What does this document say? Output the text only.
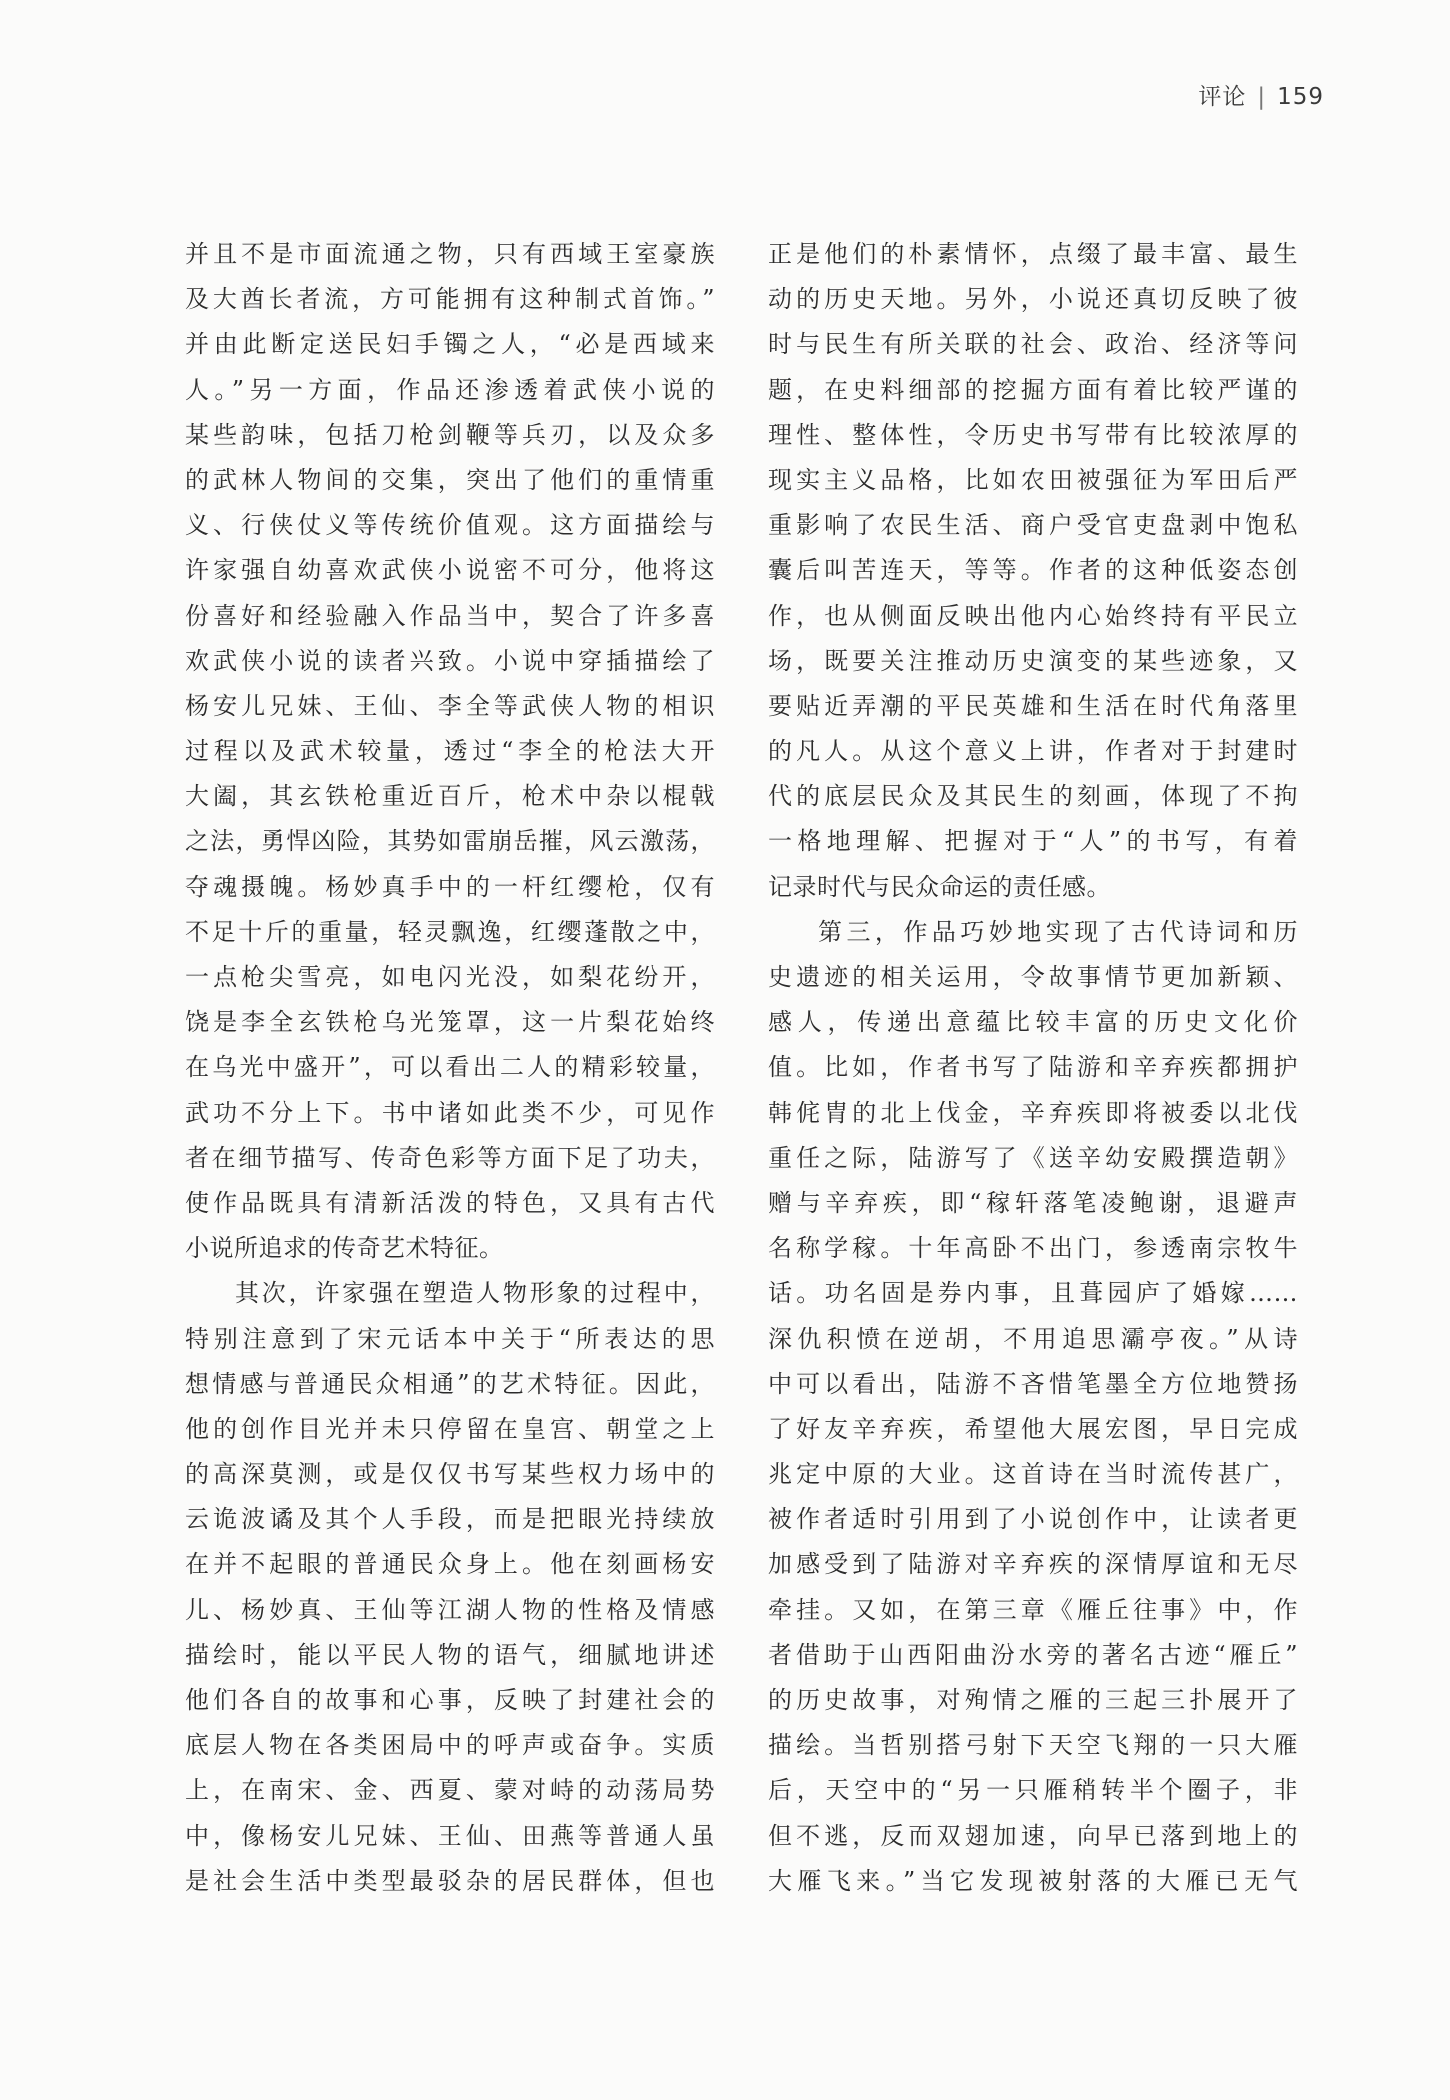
评论 | 159
并且不是市面流通之物，只有西域王室豪族
及大酋长者流，方可能拥有这种制式首饰。”
并由此断定送民妇手镯之人，“必是西域来
人。”另一方面，作品还渗透着武侠小说的
某些韵味，包括刀枪剑鞭等兵刃，以及众多
的武林人物间的交集，突出了他们的重情重
义、行侠仗义等传统价值观。这方面描绘与
许家强自幼喜欢武侠小说密不可分，他将这
份喜好和经验融入作品当中，契合了许多喜
欢武侠小说的读者兴致。小说中穿插描绘了
杨安儿兄妹、王仙、李全等武侠人物的相识
过程以及武术较量，透过“李全的枪法大开
大阖，其玄铁枪重近百斤，枪术中杂以棍戟
之法，勇悍凶险，其势如雷崩岳摧，风云激荡，
夺魂摄魄。杨妙真手中的一杆红缨枪，仅有
不足十斤的重量，轻灵飘逸，红缨蓬散之中，
一点枪尖雪亮，如电闪光没，如梨花纷开，
饶是李全玄铁枪乌光笼罩，这一片梨花始终
在乌光中盛开”，可以看出二人的精彩较量，
武功不分上下。书中诸如此类不少，可见作
者在细节描写、传奇色彩等方面下足了功夫，
使作品既具有清新活泼的特色，又具有古代
小说所追求的传奇艺术特征。
其次，许家强在塑造人物形象的过程中，
特别注意到了宋元话本中关于“所表达的思
想情感与普通民众相通”的艺术特征。因此，
他的创作目光并未只停留在皇宫、朝堂之上
的高深莫测，或是仅仅书写某些权力场中的
云诡波谲及其个人手段，而是把眼光持续放
在并不起眼的普通民众身上。他在刻画杨安
儿、杨妙真、王仙等江湖人物的性格及情感
描绘时，能以平民人物的语气，细腻地讲述
他们各自的故事和心事，反映了封建社会的
底层人物在各类困局中的呼声或奋争。实质
上，在南宋、金、西夏、蒙对峙的动荡局势
中，像杨安儿兄妹、王仙、田燕等普通人虽
是社会生活中类型最驳杂的居民群体，但也
正是他们的朴素情怀，点缀了最丰富、最生
动的历史天地。另外，小说还真切反映了彼
时与民生有所关联的社会、政治、经济等问
题，在史料细部的挖掘方面有着比较严谨的
理性、整体性，令历史书写带有比较浓厚的
现实主义品格，比如农田被强征为军田后严
重影响了农民生活、商户受官吏盘剥中饱私
囊后叫苦连天，等等。作者的这种低姿态创
作，也从侧面反映出他内心始终持有平民立
场，既要关注推动历史演变的某些迹象，又
要贴近弄潮的平民英雄和生活在时代角落里
的凡人。从这个意义上讲，作者对于封建时
代的底层民众及其民生的刻画，体现了不拘
一格地理解、把握对于“人”的书写，有着
记录时代与民众命运的责任感。
第三，作品巧妙地实现了古代诗词和历
史遗迹的相关运用，令故事情节更加新颖、
感人，传递出意蕴比较丰富的历史文化价
值。比如，作者书写了陆游和辛弃疾都拥护
韩侂胄的北上伐金，辛弃疾即将被委以北伐
重任之际，陆游写了《送辛幼安殿撰造朝》
赠与辛弃疾，即“稼轩落笔凌鲍谢，退避声
名称学稼。十年高卧不出门，参透南宗牧牛
话。功名固是券内事，且葺园庐了婚嫁……
深仇积愤在逆胡，不用追思灞亭夜。”从诗
中可以看出，陆游不吝惜笔墨全方位地赞扬
了好友辛弃疾，希望他大展宏图，早日完成
兆定中原的大业。这首诗在当时流传甚广，
被作者适时引用到了小说创作中，让读者更
加感受到了陆游对辛弃疾的深情厚谊和无尽
牵挂。又如，在第三章《雁丘往事》中，作
者借助于山西阳曲汾水旁的著名古迹“雁丘”
的历史故事，对殉情之雁的三起三扑展开了
描绘。当哲别搭弓射下天空飞翔的一只大雁
后，天空中的“另一只雁稍转半个圈子，非
但不逃，反而双翅加速，向早已落到地上的
大雁飞来。”当它发现被射落的大雁已无气
